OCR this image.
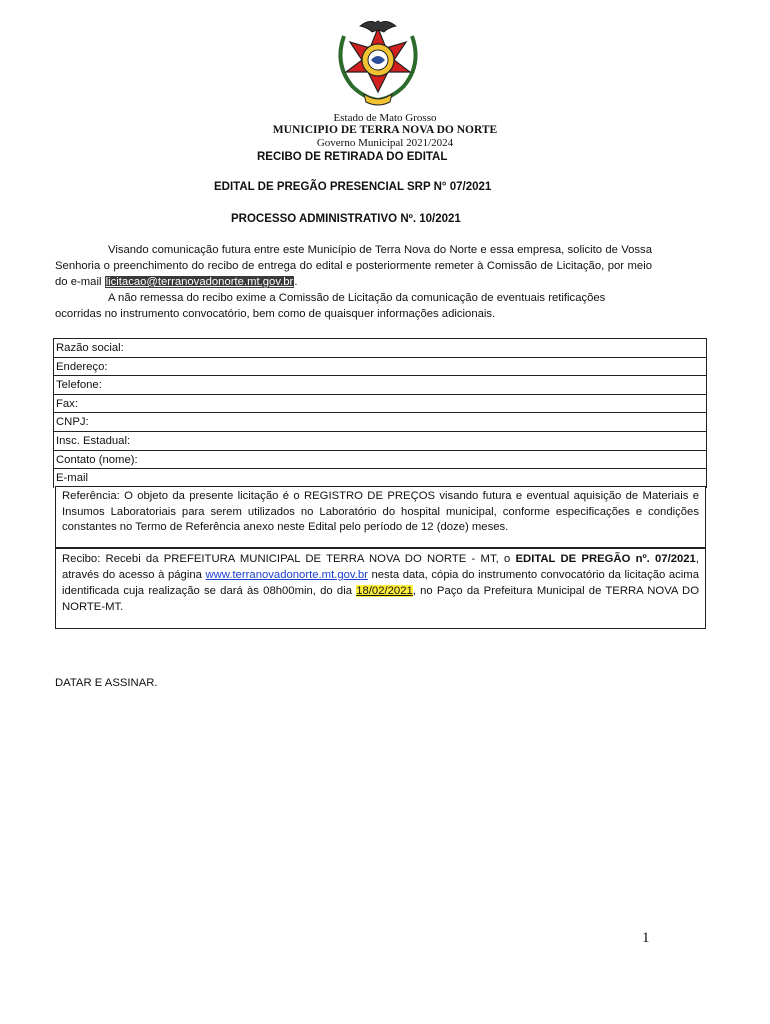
Estado de Mato Grosso
MUNICIPIO DE TERRA NOVA DO NORTE
Governo Municipal 2021/2024
RECIBO DE RETIRADA DO EDITAL
EDITAL DE PREGÃO PRESENCIAL SRP N° 07/2021
PROCESSO ADMINISTRATIVO Nº. 10/2021
Visando comunicação futura entre este Município de Terra Nova do Norte e essa empresa, solicito de Vossa Senhoria o preenchimento do recibo de entrega do edital e posteriormente remeter à Comissão de Licitação, por meio do e-mail licitacao@terranovadonorte.mt.gov.br.
A não remessa do recibo exime a Comissão de Licitação da comunicação de eventuais retificações ocorridas no instrumento convocatório, bem como de quaisquer informações adicionais.
Razão social:
Endereço:
Telefone:
Fax:
CNPJ:
Insc. Estadual:
Contato (nome):
E-mail
Referência: O objeto da presente licitação é o REGISTRO DE PREÇOS visando futura e eventual aquisição de Materiais e Insumos Laboratoriais para serem utilizados no Laboratório do hospital municipal, conforme especificações e condições constantes no Termo de Referência anexo neste Edital pelo período de 12 (doze) meses.
Recibo: Recebi da PREFEITURA MUNICIPAL DE TERRA NOVA DO NORTE - MT, o EDITAL DE PREGÃO nº. 07/2021, através do acesso à página www.terranovadonorte.mt.gov.br nesta data, cópia do instrumento convocatório da licitação acima identificada cuja realização se dará às 08h00min, do dia 18/02/2021, no Paço da Prefeitura Municipal de TERRA NOVA DO NORTE-MT.
DATAR E ASSINAR.
1
